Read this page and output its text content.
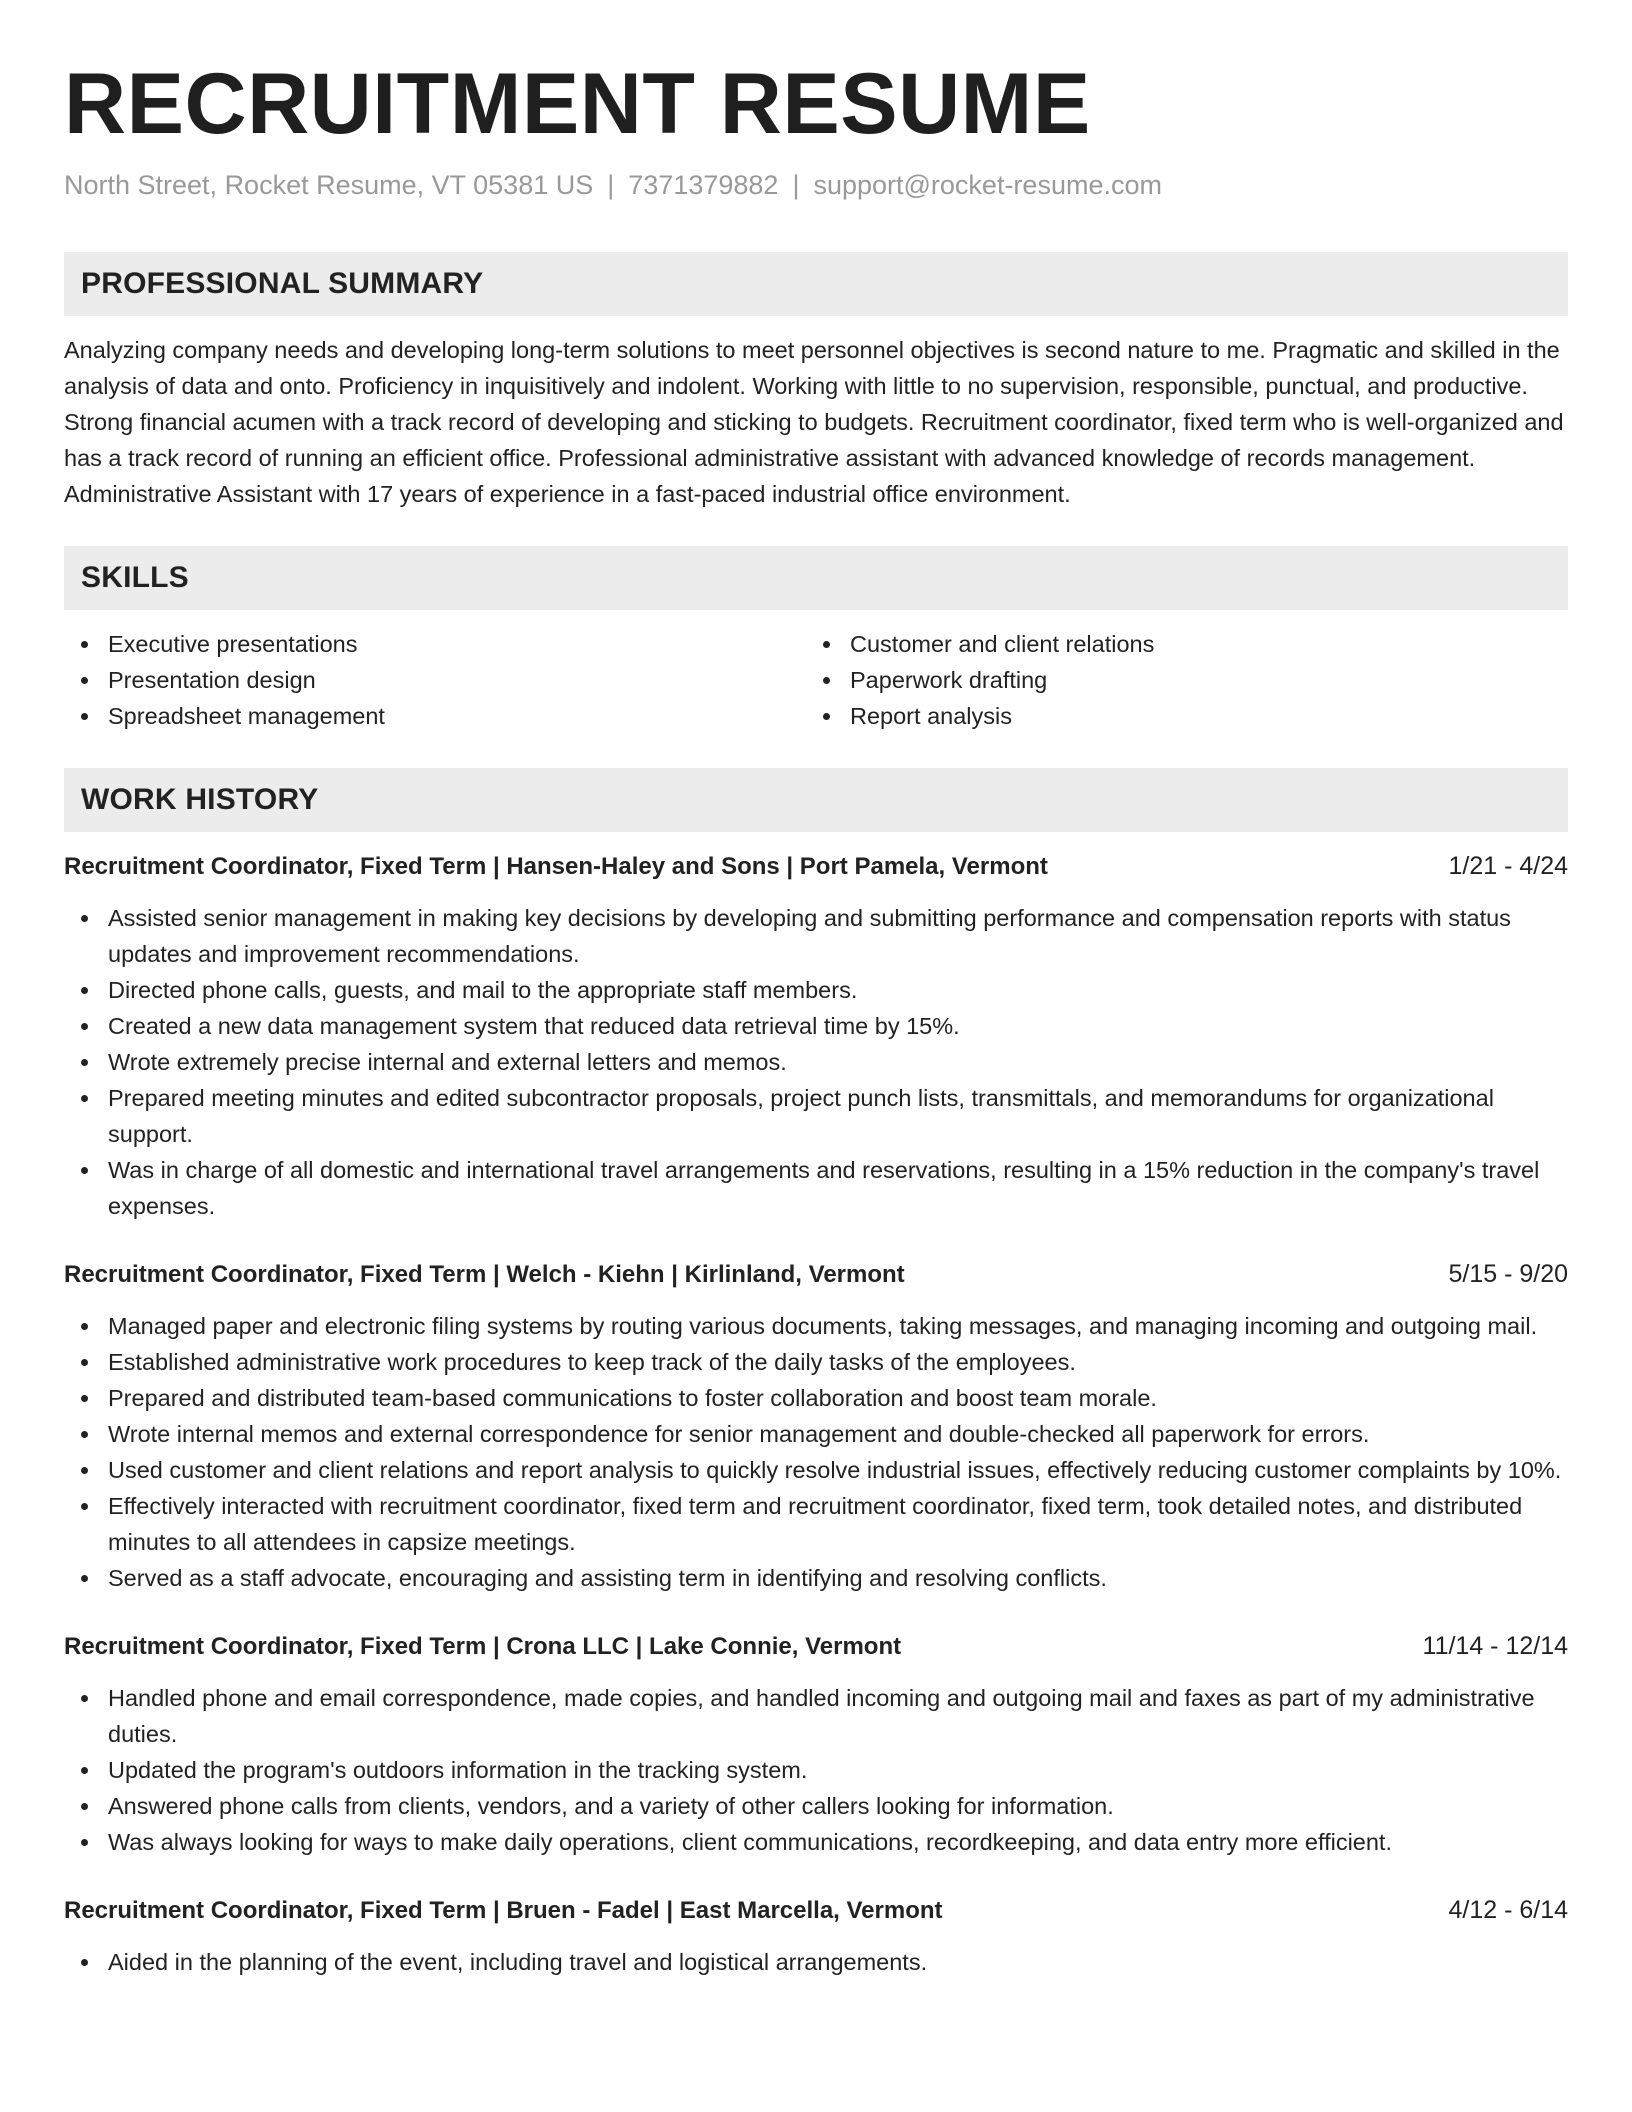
RECRUITMENT RESUME
North Street, Rocket Resume, VT 05381 US | 7371379882 | support@rocket-resume.com
PROFESSIONAL SUMMARY
Analyzing company needs and developing long-term solutions to meet personnel objectives is second nature to me. Pragmatic and skilled in the analysis of data and onto. Proficiency in inquisitively and indolent. Working with little to no supervision, responsible, punctual, and productive. Strong financial acumen with a track record of developing and sticking to budgets. Recruitment coordinator, fixed term who is well-organized and has a track record of running an efficient office. Professional administrative assistant with advanced knowledge of records management. Administrative Assistant with 17 years of experience in a fast-paced industrial office environment.
SKILLS
Executive presentations
Presentation design
Spreadsheet management
Customer and client relations
Paperwork drafting
Report analysis
WORK HISTORY
Recruitment Coordinator, Fixed Term | Hansen-Haley and Sons | Port Pamela, Vermont	1/21 - 4/24
Assisted senior management in making key decisions by developing and submitting performance and compensation reports with status updates and improvement recommendations.
Directed phone calls, guests, and mail to the appropriate staff members.
Created a new data management system that reduced data retrieval time by 15%.
Wrote extremely precise internal and external letters and memos.
Prepared meeting minutes and edited subcontractor proposals, project punch lists, transmittals, and memorandums for organizational support.
Was in charge of all domestic and international travel arrangements and reservations, resulting in a 15% reduction in the company's travel expenses.
Recruitment Coordinator, Fixed Term | Welch - Kiehn | Kirlinland, Vermont	5/15 - 9/20
Managed paper and electronic filing systems by routing various documents, taking messages, and managing incoming and outgoing mail.
Established administrative work procedures to keep track of the daily tasks of the employees.
Prepared and distributed team-based communications to foster collaboration and boost team morale.
Wrote internal memos and external correspondence for senior management and double-checked all paperwork for errors.
Used customer and client relations and report analysis to quickly resolve industrial issues, effectively reducing customer complaints by 10%.
Effectively interacted with recruitment coordinator, fixed term and recruitment coordinator, fixed term, took detailed notes, and distributed minutes to all attendees in capsize meetings.
Served as a staff advocate, encouraging and assisting term in identifying and resolving conflicts.
Recruitment Coordinator, Fixed Term | Crona LLC | Lake Connie, Vermont	11/14 - 12/14
Handled phone and email correspondence, made copies, and handled incoming and outgoing mail and faxes as part of my administrative duties.
Updated the program's outdoors information in the tracking system.
Answered phone calls from clients, vendors, and a variety of other callers looking for information.
Was always looking for ways to make daily operations, client communications, recordkeeping, and data entry more efficient.
Recruitment Coordinator, Fixed Term | Bruen - Fadel | East Marcella, Vermont	4/12 - 6/14
Aided in the planning of the event, including travel and logistical arrangements.
